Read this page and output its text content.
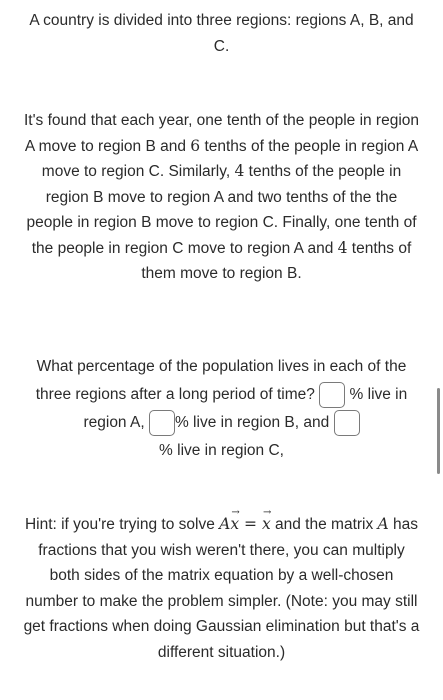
A country is divided into three regions: regions A, B, and C.

It's found that each year, one tenth of the people in region A move to region B and 6 tenths of the people in region A move to region C. Similarly, 4 tenths of the people in region B move to region A and two tenths of the the people in region B move to region C. Finally, one tenth of the people in region C move to region A and 4 tenths of them move to region B.

What percentage of the population lives in each of the three regions after a long period of time? % live in region A, % live in region B, and
% live in region C,

Hint: if you're trying to solve A→ x = → x and the matrix A has fractions that you wish weren't there, you can multiply both sides of the matrix equation by a well-chosen number to make the problem simpler. (Note: you may still get fractions when doing Gaussian elimination but that's a different situation.)
